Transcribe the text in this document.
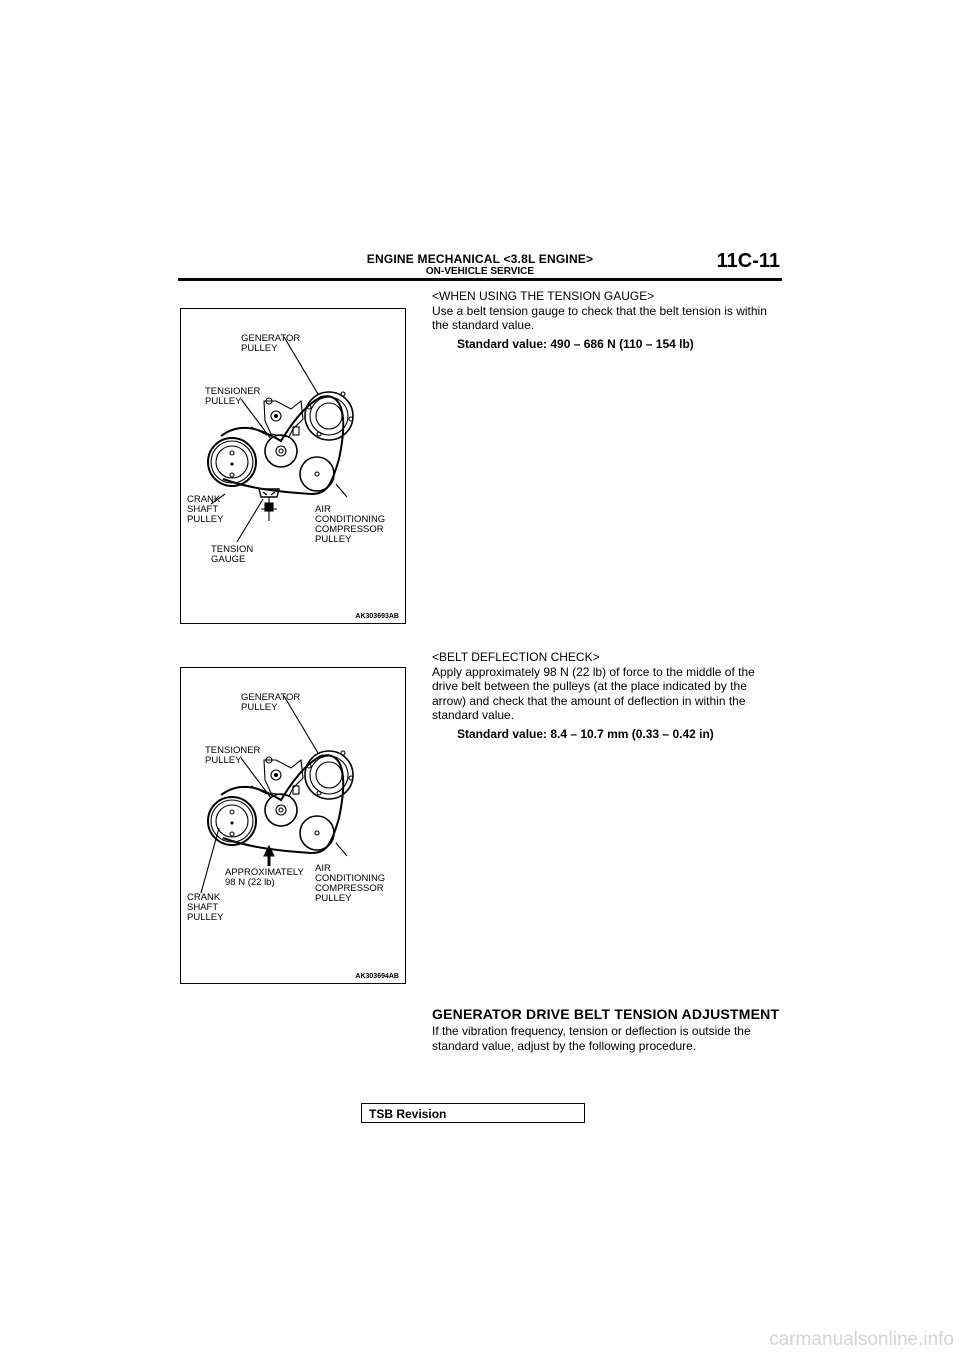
ENGINE MECHANICAL <3.8L ENGINE>
ON-VEHICLE SERVICE	11C-11
GENERATOR
PULLEY
TENSIONER
PULLEY
CRANK
SHAFT
PULLEY
AIR
CONDITIONING
COMPRESSOR
PULLEY
TENSION
GAUGE
AK303693AB
GENERATOR
PULLEY
TENSIONER
PULLEY
APPROXIMATELY
98 N (22 lb)
AIR
CONDITIONING
COMPRESSOR
PULLEY
CRANK
SHAFT
PULLEY
AK303694AB

<WHEN USING THE TENSION GAUGE>

Use a belt tension gauge to check that the belt tension is within the standard value.

Standard value: 490 – 686 N (110 – 154 lb)

<BELT DEFLECTION CHECK>

Apply approximately 98 N (22 lb) of force to the middle of the drive belt between the pulleys (at the place indicated by the arrow) and check that the amount of deflection in within the standard value.

Standard value: 8.4 – 10.7 mm (0.33 – 0.42 in)

GENERATOR DRIVE BELT TENSION ADJUSTMENT

If the vibration frequency, tension or deflection is outside the standard value, adjust by the following procedure.

TSB Revision
carmanualsonline.info
